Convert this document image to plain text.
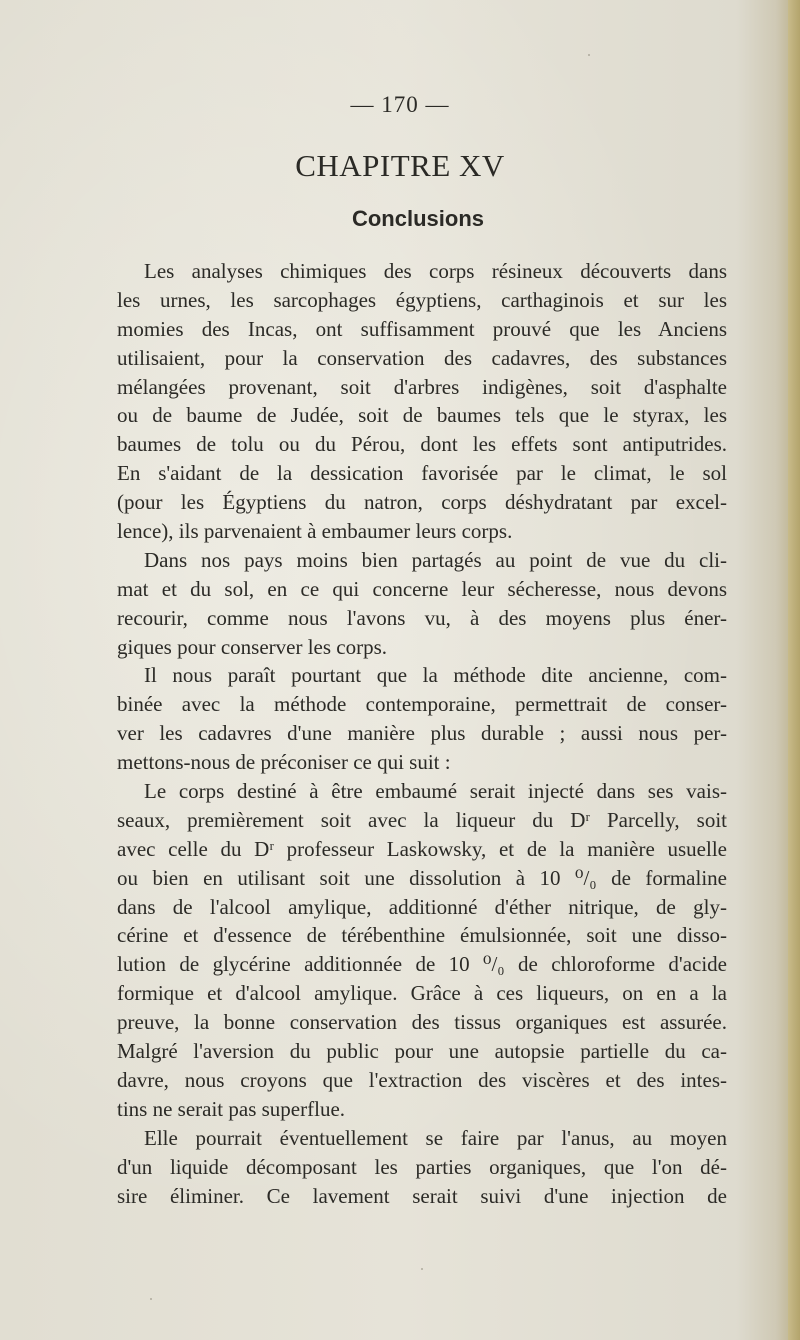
— 170 —
CHAPITRE XV
Conclusions
Les analyses chimiques des corps résineux découverts dans
les urnes, les sarcophages égyptiens, carthaginois et sur les
momies des Incas, ont suffisamment prouvé que les Anciens
utilisaient, pour la conservation des cadavres, des substances
mélangées provenant, soit d'arbres indigènes, soit d'asphalte
ou de baume de Judée, soit de baumes tels que le styrax, les
baumes de tolu ou du Pérou, dont les effets sont antiputrides.
En s'aidant de la dessication favorisée par le climat, le sol
(pour les Égyptiens du natron, corps déshydratant par excel-
lence), ils parvenaient à embaumer leurs corps.
Dans nos pays moins bien partagés au point de vue du cli-
mat et du sol, en ce qui concerne leur sécheresse, nous devons
recourir, comme nous l'avons vu, à des moyens plus éner-
giques pour conserver les corps.
Il nous paraît pourtant que la méthode dite ancienne, com-
binée avec la méthode contemporaine, permettrait de conser-
ver les cadavres d'une manière plus durable ; aussi nous per-
mettons-nous de préconiser ce qui suit :
Le corps destiné à être embaumé serait injecté dans ses vais-
seaux, premièrement soit avec la liqueur du Dʳ Parcelly, soit
avec celle du Dʳ professeur Laskowsky, et de la manière usuelle
ou bien en utilisant soit une dissolution à 10 ⁰/₀ de formaline
dans de l'alcool amylique, additionné d'éther nitrique, de gly-
cérine et d'essence de térébenthine émulsionnée, soit une disso-
lution de glycérine additionnée de 10 ⁰/₀ de chloroforme d'acide
formique et d'alcool amylique. Grâce à ces liqueurs, on en a la
preuve, la bonne conservation des tissus organiques est assurée.
Malgré l'aversion du public pour une autopsie partielle du ca-
davre, nous croyons que l'extraction des viscères et des intes-
tins ne serait pas superflue.
Elle pourrait éventuellement se faire par l'anus, au moyen
d'un liquide décomposant les parties organiques, que l'on dé-
sire éliminer. Ce lavement serait suivi d'une injection de
